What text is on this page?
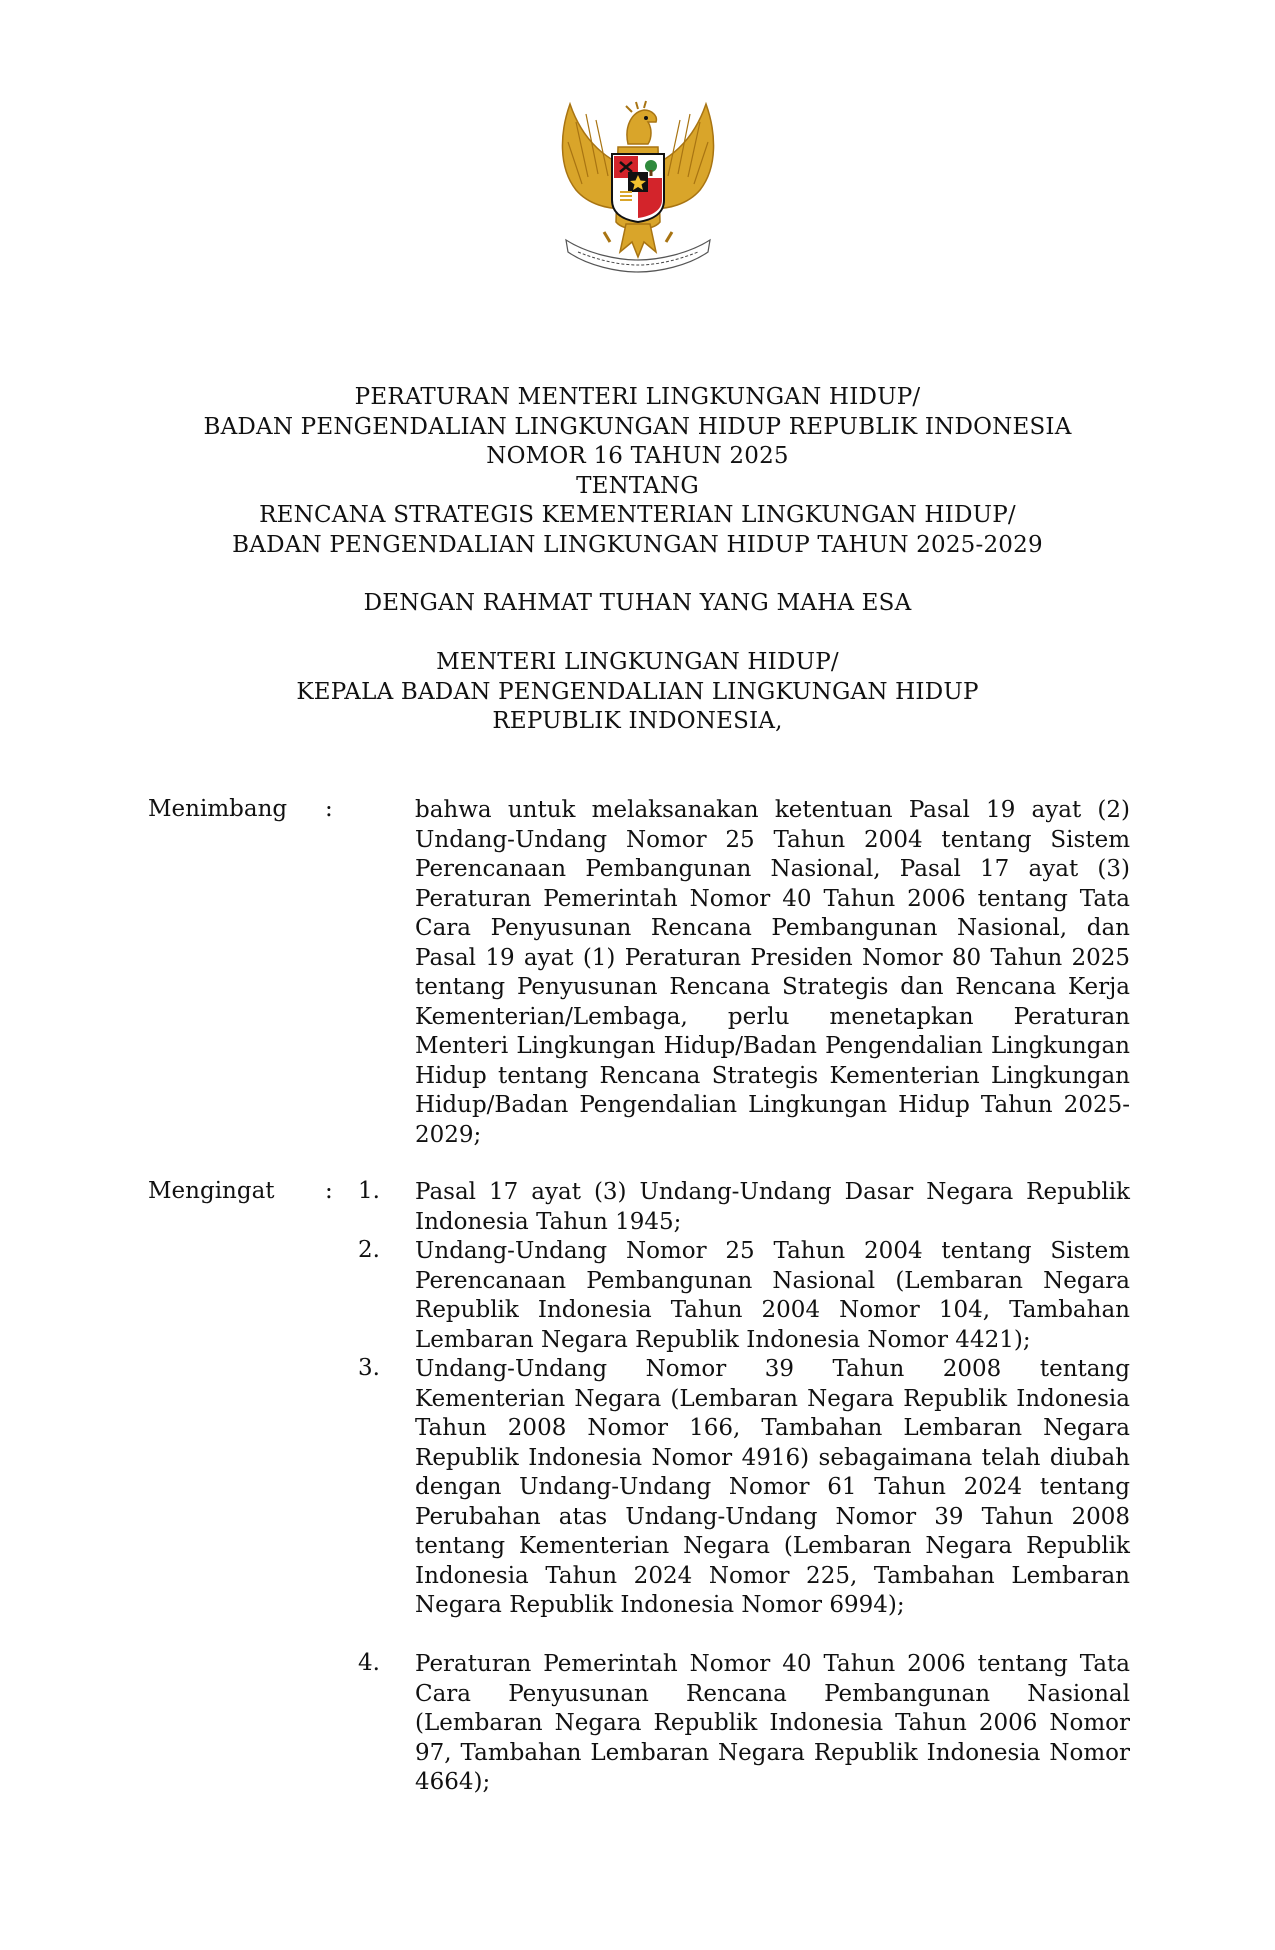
PERATURAN MENTERI LINGKUNGAN HIDUP/
BADAN PENGENDALIAN LINGKUNGAN HIDUP REPUBLIK INDONESIA
NOMOR 16 TAHUN 2025
TENTANG
RENCANA STRATEGIS KEMENTERIAN LINGKUNGAN HIDUP/
BADAN PENGENDALIAN LINGKUNGAN HIDUP TAHUN 2025-2029
DENGAN RAHMAT TUHAN YANG MAHA ESA
MENTERI LINGKUNGAN HIDUP/
KEPALA BADAN PENGENDALIAN LINGKUNGAN HIDUP
REPUBLIK INDONESIA,
Menimbang :	bahwa untuk melaksanakan ketentuan Pasal 19 ayat (2) Undang-Undang Nomor 25 Tahun 2004 tentang Sistem Perencanaan Pembangunan Nasional, Pasal 17 ayat (3) Peraturan Pemerintah Nomor 40 Tahun 2006 tentang Tata Cara Penyusunan Rencana Pembangunan Nasional, dan Pasal 19 ayat (1) Peraturan Presiden Nomor 80 Tahun 2025 tentang Penyusunan Rencana Strategis dan Rencana Kerja Kementerian/Lembaga, perlu menetapkan Peraturan Menteri Lingkungan Hidup/Badan Pengendalian Lingkungan Hidup tentang Rencana Strategis Kementerian Lingkungan Hidup/Badan Pengendalian Lingkungan Hidup Tahun 2025-2029;

Mengingat : 1. Pasal 17 ayat (3) Undang-Undang Dasar Negara Republik Indonesia Tahun 1945;

2. Undang-Undang Nomor 25 Tahun 2004 tentang Sistem Perencanaan Pembangunan Nasional (Lembaran Negara Republik Indonesia Tahun 2004 Nomor 104, Tambahan Lembaran Negara Republik Indonesia Nomor 4421);

3. Undang-Undang Nomor 39 Tahun 2008 tentang Kementerian Negara (Lembaran Negara Republik Indonesia Tahun 2008 Nomor 166, Tambahan Lembaran Negara Republik Indonesia Nomor 4916) sebagaimana telah diubah dengan Undang-Undang Nomor 61 Tahun 2024 tentang Perubahan atas Undang-Undang Nomor 39 Tahun 2008 tentang Kementerian Negara (Lembaran Negara Republik Indonesia Tahun 2024 Nomor 225, Tambahan Lembaran Negara Republik Indonesia Nomor 6994);

4. Peraturan Pemerintah Nomor 40 Tahun 2006 tentang Tata Cara Penyusunan Rencana Pembangunan Nasional (Lembaran Negara Republik Indonesia Tahun 2006 Nomor 97, Tambahan Lembaran Negara Republik Indonesia Nomor 4664);
